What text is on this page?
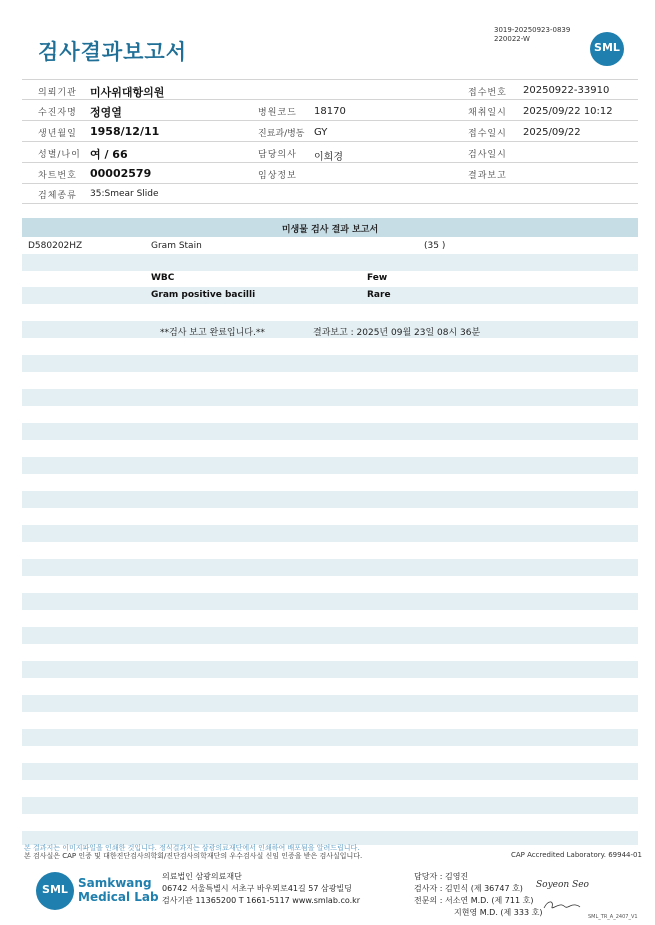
검사결과보고서
3019-20250923-0839
220022-W
SML
의뢰기관 미사위대항의원	접수번호 20250922-33910
수진자명 정영열	병원코드 18170	채취일시 2025/09/22 10:12
생년월일 1958/12/11	진료과/병동 GY	접수일시 2025/09/22
성별/나이 여 / 66	담당의사 이희경	검사일시
차트번호 00002579	임상정보	결과보고
검체종류 35:Smear Slide
미생물 검사 결과 보고서
D580202HZ	Gram Stain	(35 )
WBC	Few
Gram positive bacilli	Rare
**검사 보고 완료입니다.**	결과보고 : 2025년 09월 23일 08시 36분
본 결과지는 이미지파일을 인쇄한 것입니다. 정식결과지는 삼광의료재단에서 인쇄하여 배포됨을 알려드립니다.
본 검사실은 CAP 인증 및 대한진단검사의학회/진단검사의학재단의 우수검사실 신임 인증을 받은 검사실입니다.	CAP Accredited Laboratory. 69944-01
SML Samkwang
Medical Lab
의료법인 삼광의료재단
06742 서울특별시 서초구 바우뫼로41길 57 삼광빌딩
검사기관 11365200 T 1661-5117 www.smlab.co.kr
담당자 : 김영진
검사자 : 김민식 (제 36747 호)
전문의 : 서소연 M.D. (제 711 호)
지현영 M.D. (제 333 호)
Soyeon Seo
SML_TR_A_2407_V1
